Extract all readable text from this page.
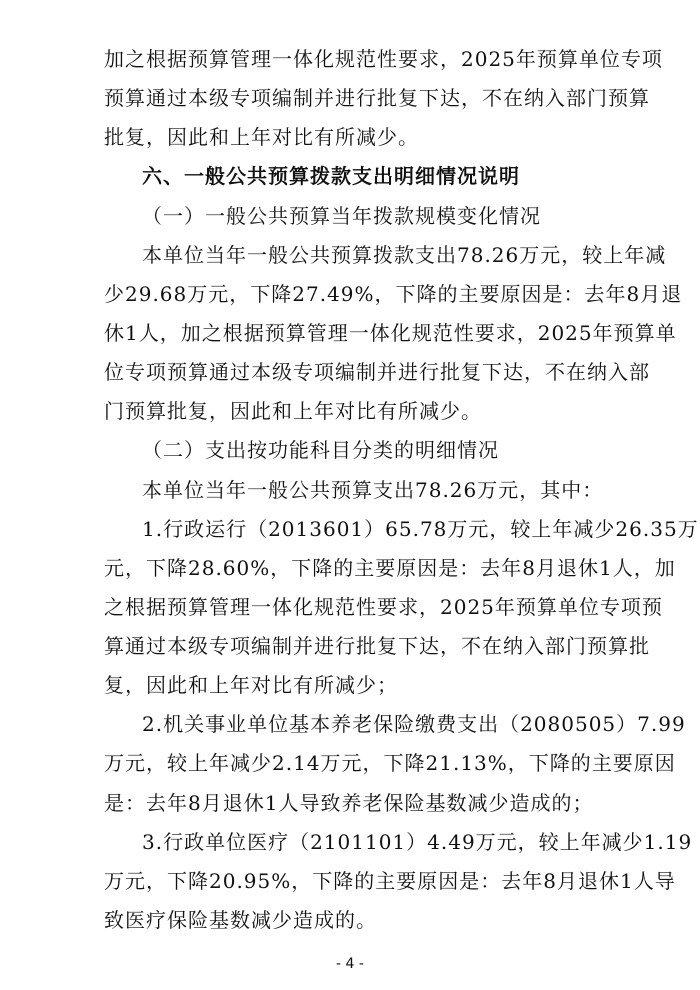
加之根据预算管理一体化规范性要求，2025年预算单位专项
预算通过本级专项编制并进行批复下达，不在纳入部门预算
批复，因此和上年对比有所减少。
六、一般公共预算拨款支出明细情况说明
（一）一般公共预算当年拨款规模变化情况
本单位当年一般公共预算拨款支出78.26万元，较上年减
少29.68万元，下降27.49%，下降的主要原因是：去年8月退
休1人，加之根据预算管理一体化规范性要求，2025年预算单
位专项预算通过本级专项编制并进行批复下达，不在纳入部
门预算批复，因此和上年对比有所减少。
（二）支出按功能科目分类的明细情况
本单位当年一般公共预算支出78.26万元，其中：
1.行政运行（2013601）65.78万元，较上年减少26.35万
元，下降28.60%，下降的主要原因是：去年8月退休1人，加
之根据预算管理一体化规范性要求，2025年预算单位专项预
算通过本级专项编制并进行批复下达，不在纳入部门预算批
复，因此和上年对比有所减少；
2.机关事业单位基本养老保险缴费支出（2080505）7.99
万元，较上年减少2.14万元，下降21.13%，下降的主要原因
是：去年8月退休1人导致养老保险基数减少造成的；
3.行政单位医疗（2101101）4.49万元，较上年减少1.19
万元，下降20.95%，下降的主要原因是：去年8月退休1人导
致医疗保险基数减少造成的。
- 4 -
